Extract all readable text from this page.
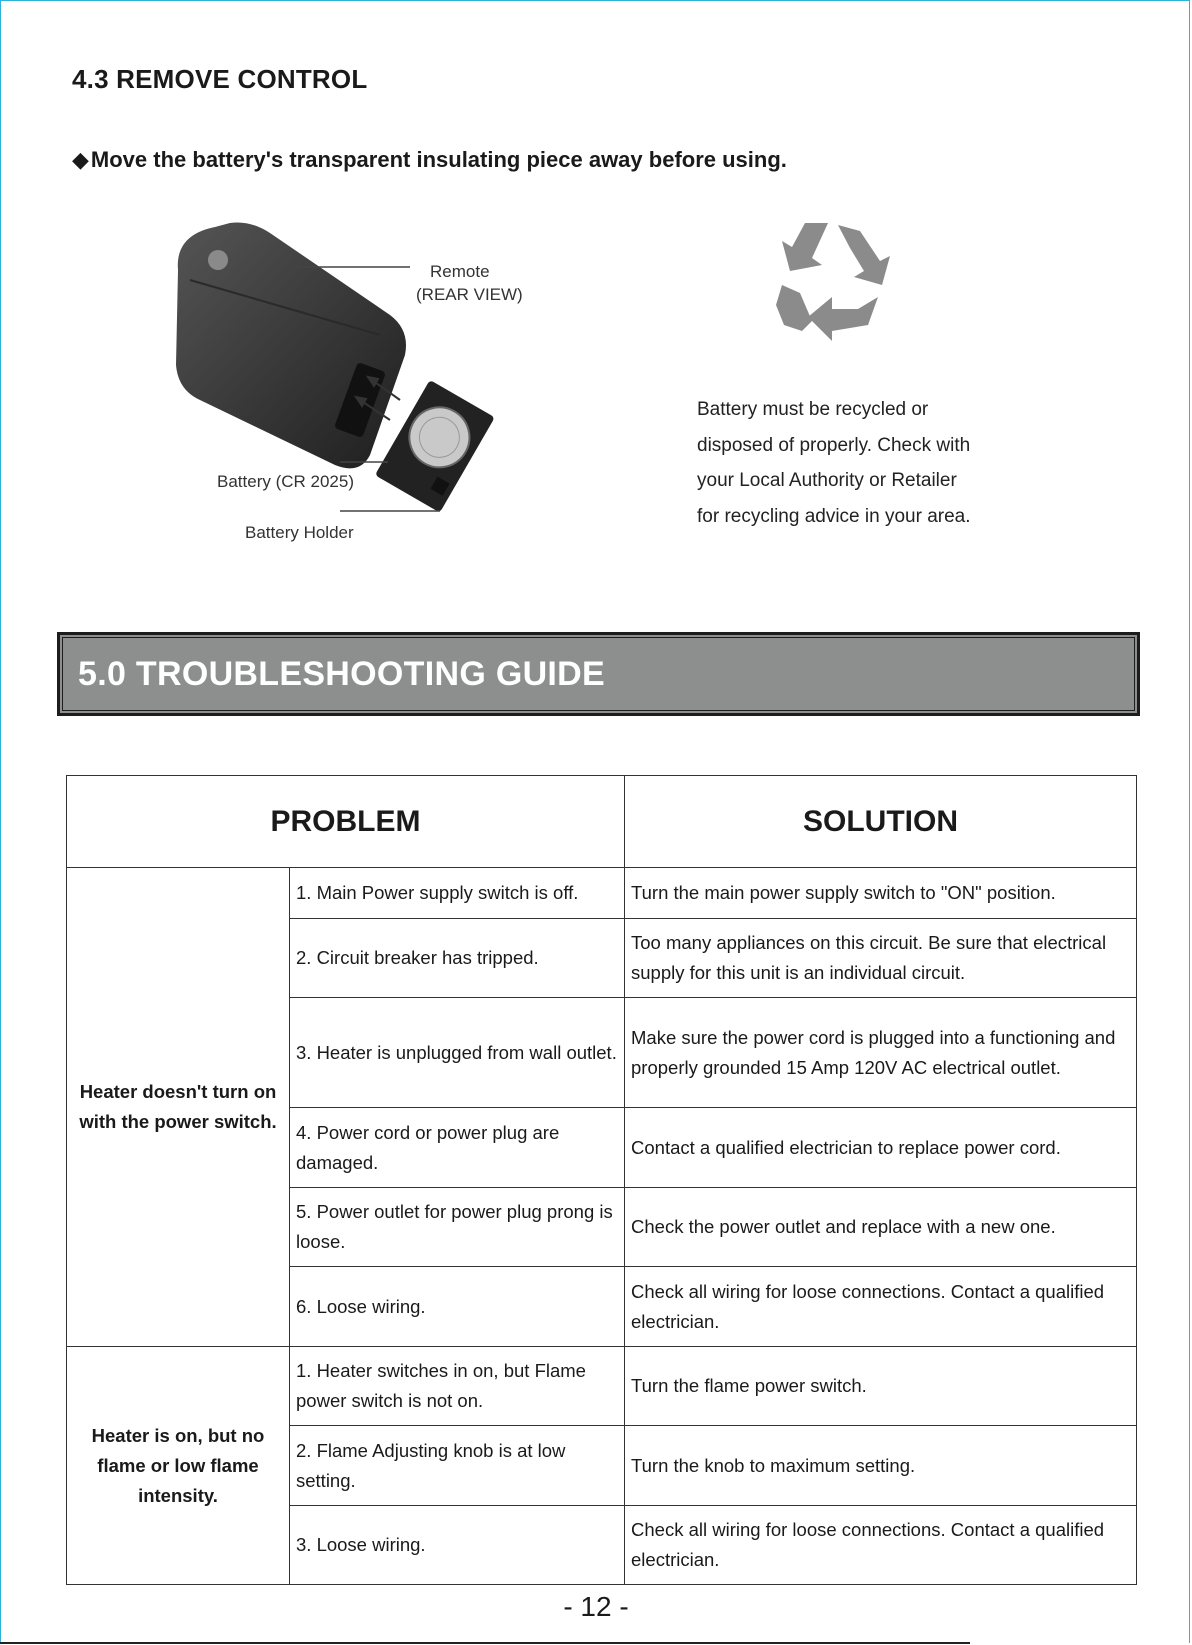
4.3 REMOVE CONTROL
◆Move the battery's transparent insulating piece away before using.
Remote
(REAR VIEW)
Battery (CR 2025)
Battery Holder
Battery must be recycled or
disposed of properly. Check with
your Local Authority or Retailer
for recycling advice in your area.
5.0 TROUBLESHOOTING GUIDE
PROBLEM		SOLUTION
Heater doesn't turn on with the power switch.	1. Main Power supply switch is off.	Turn the main power supply switch to "ON" position.
	2. Circuit breaker has tripped.	Too many appliances on this circuit. Be sure that electrical supply for this unit is an individual circuit.
	3. Heater is unplugged from wall outlet.	Make sure the power cord is plugged into a functioning and properly grounded 15 Amp 120V AC electrical outlet.
	4. Power cord or power plug are damaged.	Contact a qualified electrician to replace power cord.
	5. Power outlet for power plug prong is loose.	Check the power outlet and replace with a new one.
	6. Loose wiring.	Check all wiring for loose connections. Contact a qualified electrician.
Heater is on, but no flame or low flame intensity.	1. Heater switches in on, but Flame power switch is not on.	Turn the flame power switch.
	2. Flame Adjusting knob is at low setting.	Turn the knob to maximum setting.
	3. Loose wiring.	Check all wiring for loose connections. Contact a qualified electrician.
- 12 -
